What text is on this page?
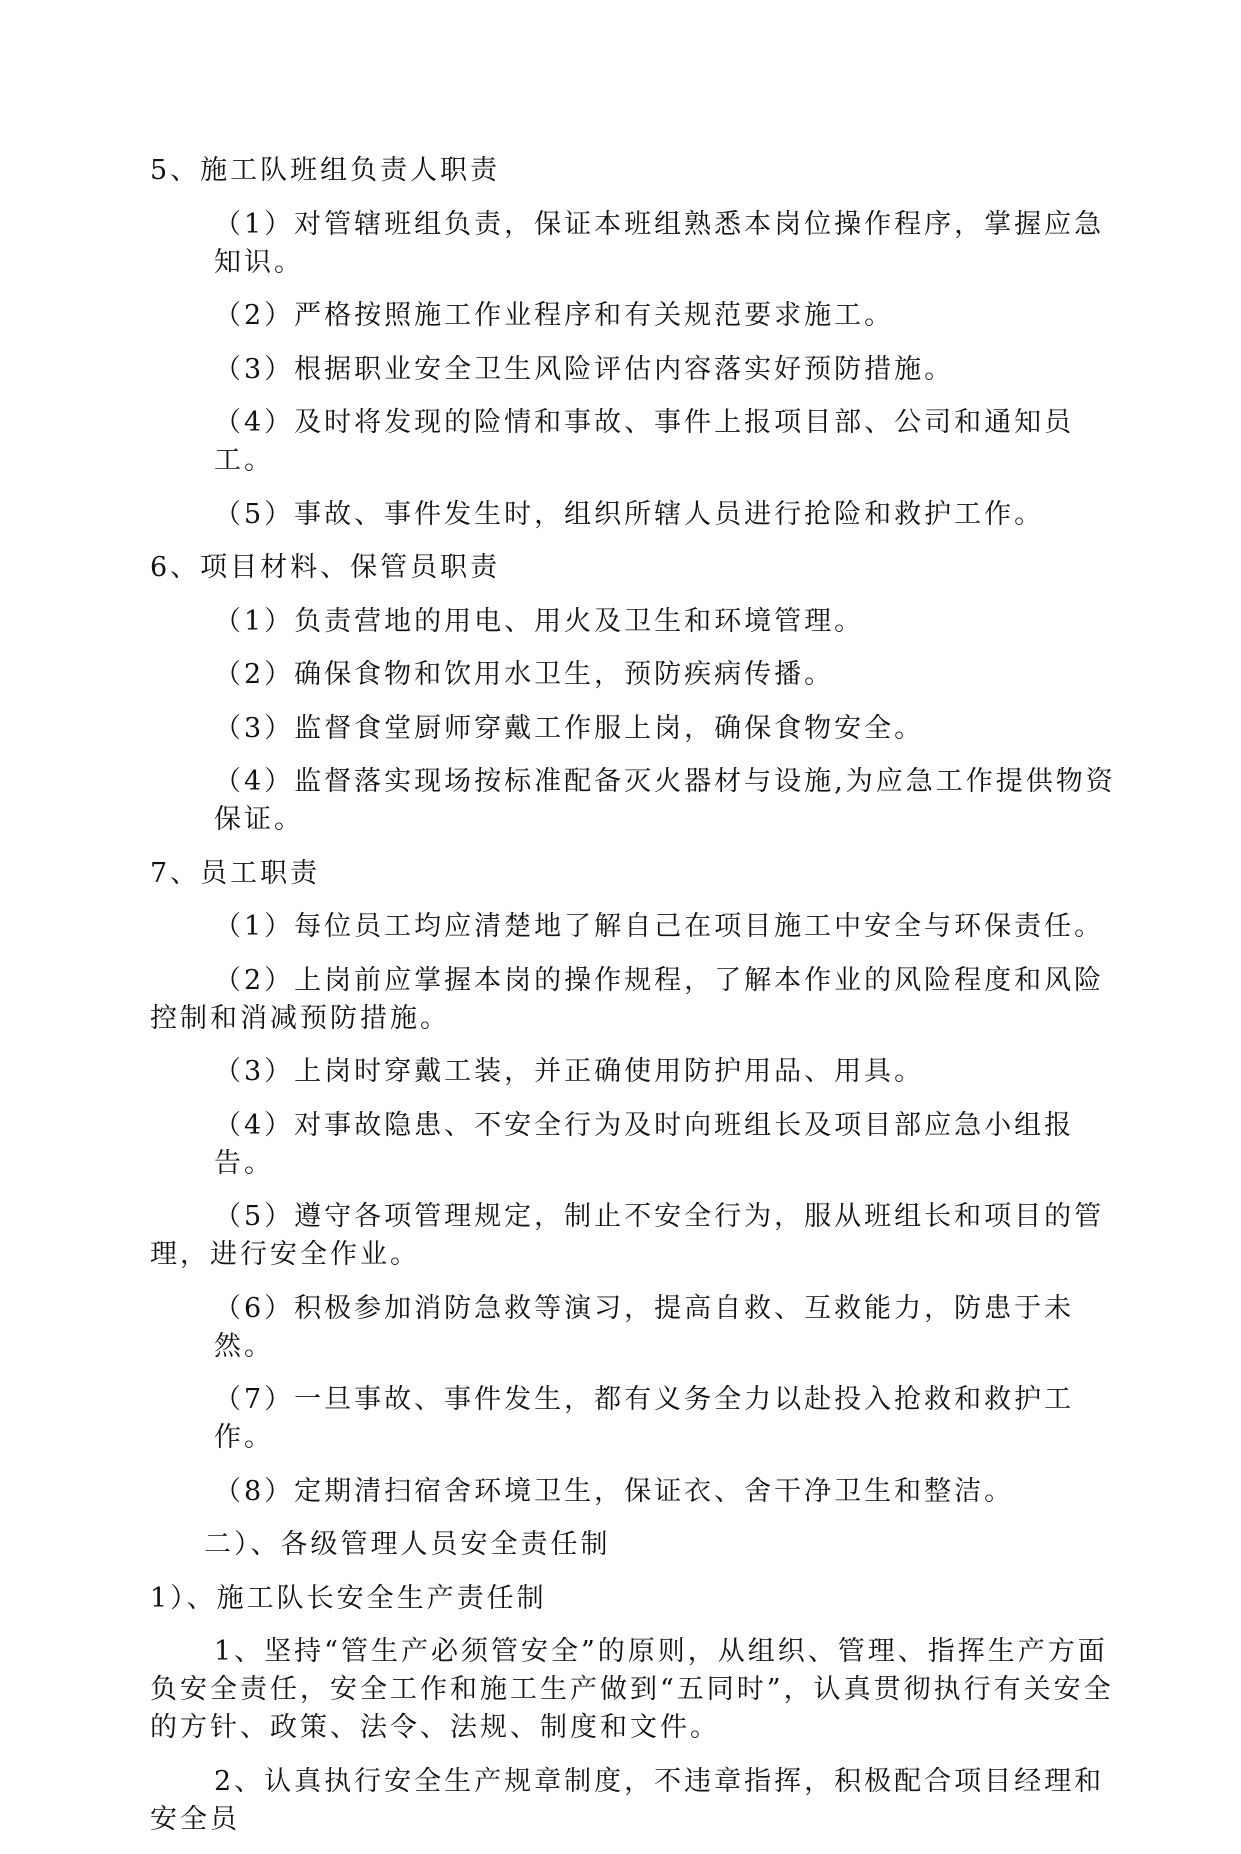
5、施工队班组负责人职责

（1）对管辖班组负责，保证本班组熟悉本岗位操作程序，掌握应急知识。

（2）严格按照施工作业程序和有关规范要求施工。

（3）根据职业安全卫生风险评估内容落实好预防措施。

（4）及时将发现的险情和事故、事件上报项目部、公司和通知员工。

（5）事故、事件发生时，组织所辖人员进行抢险和救护工作。

6、项目材料、保管员职责

（1）负责营地的用电、用火及卫生和环境管理。

（2）确保食物和饮用水卫生，预防疾病传播。

（3）监督食堂厨师穿戴工作服上岗，确保食物安全。

（4）监督落实现场按标准配备灭火器材与设施,为应急工作提供物资保证。

7、员工职责

（1）每位员工均应清楚地了解自己在项目施工中安全与环保责任。

（2）上岗前应掌握本岗的操作规程，了解本作业的风险程度和风险控制和消减预防措施。

（3）上岗时穿戴工装，并正确使用防护用品、用具。

（4）对事故隐患、不安全行为及时向班组长及项目部应急小组报告。

（5）遵守各项管理规定，制止不安全行为，服从班组长和项目的管理，进行安全作业。

（6）积极参加消防急救等演习，提高自救、互救能力，防患于未然。

（7）一旦事故、事件发生，都有义务全力以赴投入抢救和救护工作。

（8）定期清扫宿舍环境卫生，保证衣、舍干净卫生和整洁。

二）、各级管理人员安全责任制

1）、施工队长安全生产责任制

1、坚持“管生产必须管安全”的原则，从组织、管理、指挥生产方面负安全责任，安全工作和施工生产做到“五同时”，认真贯彻执行有关安全的方针、政策、法令、法规、制度和文件。

2、认真执行安全生产规章制度，不违章指挥，积极配合项目经理和安全员
